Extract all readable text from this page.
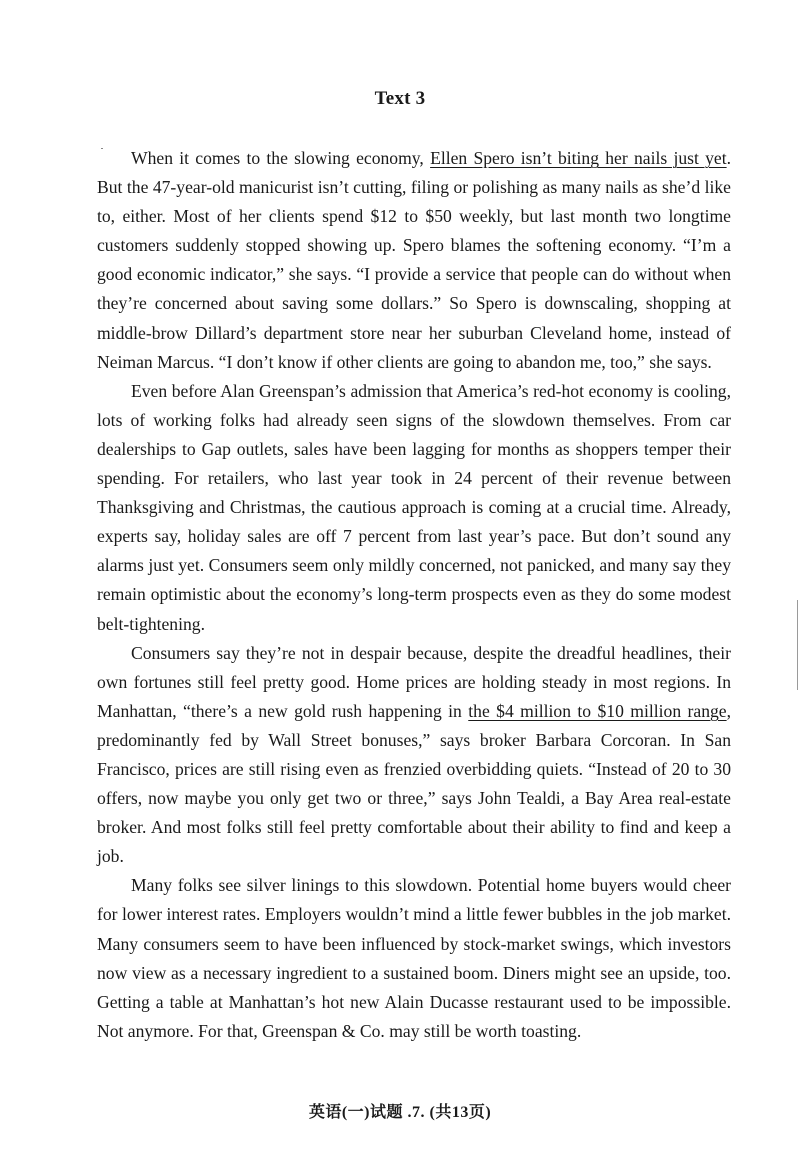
Text 3

When it comes to the slowing economy, Ellen Spero isn’t biting her nails just yet. But the 47-year-old manicurist isn’t cutting, filing or polishing as many nails as she’d like to, either. Most of her clients spend $12 to $50 weekly, but last month two longtime customers suddenly stopped showing up. Spero blames the softening economy. “I’m a good economic indicator,” she says. “I provide a service that people can do without when they’re concerned about saving some dollars.” So Spero is downscaling, shopping at middle-brow Dillard’s department store near her suburban Cleveland home, instead of Neiman Marcus. “I don’t know if other clients are going to abandon me, too,” she says.

Even before Alan Greenspan’s admission that America’s red-hot economy is cooling, lots of working folks had already seen signs of the slowdown themselves. From car dealerships to Gap outlets, sales have been lagging for months as shoppers temper their spending. For retailers, who last year took in 24 percent of their revenue between Thanksgiving and Christmas, the cautious approach is coming at a crucial time. Already, experts say, holiday sales are off 7 percent from last year’s pace. But don’t sound any alarms just yet. Consumers seem only mildly concerned, not panicked, and many say they remain optimistic about the economy’s long-term prospects even as they do some modest belt-tightening.

Consumers say they’re not in despair because, despite the dreadful headlines, their own fortunes still feel pretty good. Home prices are holding steady in most regions. In Manhattan, “there’s a new gold rush happening in the $4 million to $10 million range, predominantly fed by Wall Street bonuses,” says broker Barbara Corcoran. In San Francisco, prices are still rising even as frenzied overbidding quiets. “Instead of 20 to 30 offers, now maybe you only get two or three,” says John Tealdi, a Bay Area real-estate broker. And most folks still feel pretty comfortable about their ability to find and keep a job.

Many folks see silver linings to this slowdown. Potential home buyers would cheer for lower interest rates. Employers wouldn’t mind a little fewer bubbles in the job market. Many consumers seem to have been influenced by stock-market swings, which investors now view as a necessary ingredient to a sustained boom. Diners might see an upside, too. Getting a table at Manhattan’s hot new Alain Ducasse restaurant used to be impossible. Not anymore. For that, Greenspan & Co. may still be worth toasting.

英语(一)试题 .7. (共13页)
